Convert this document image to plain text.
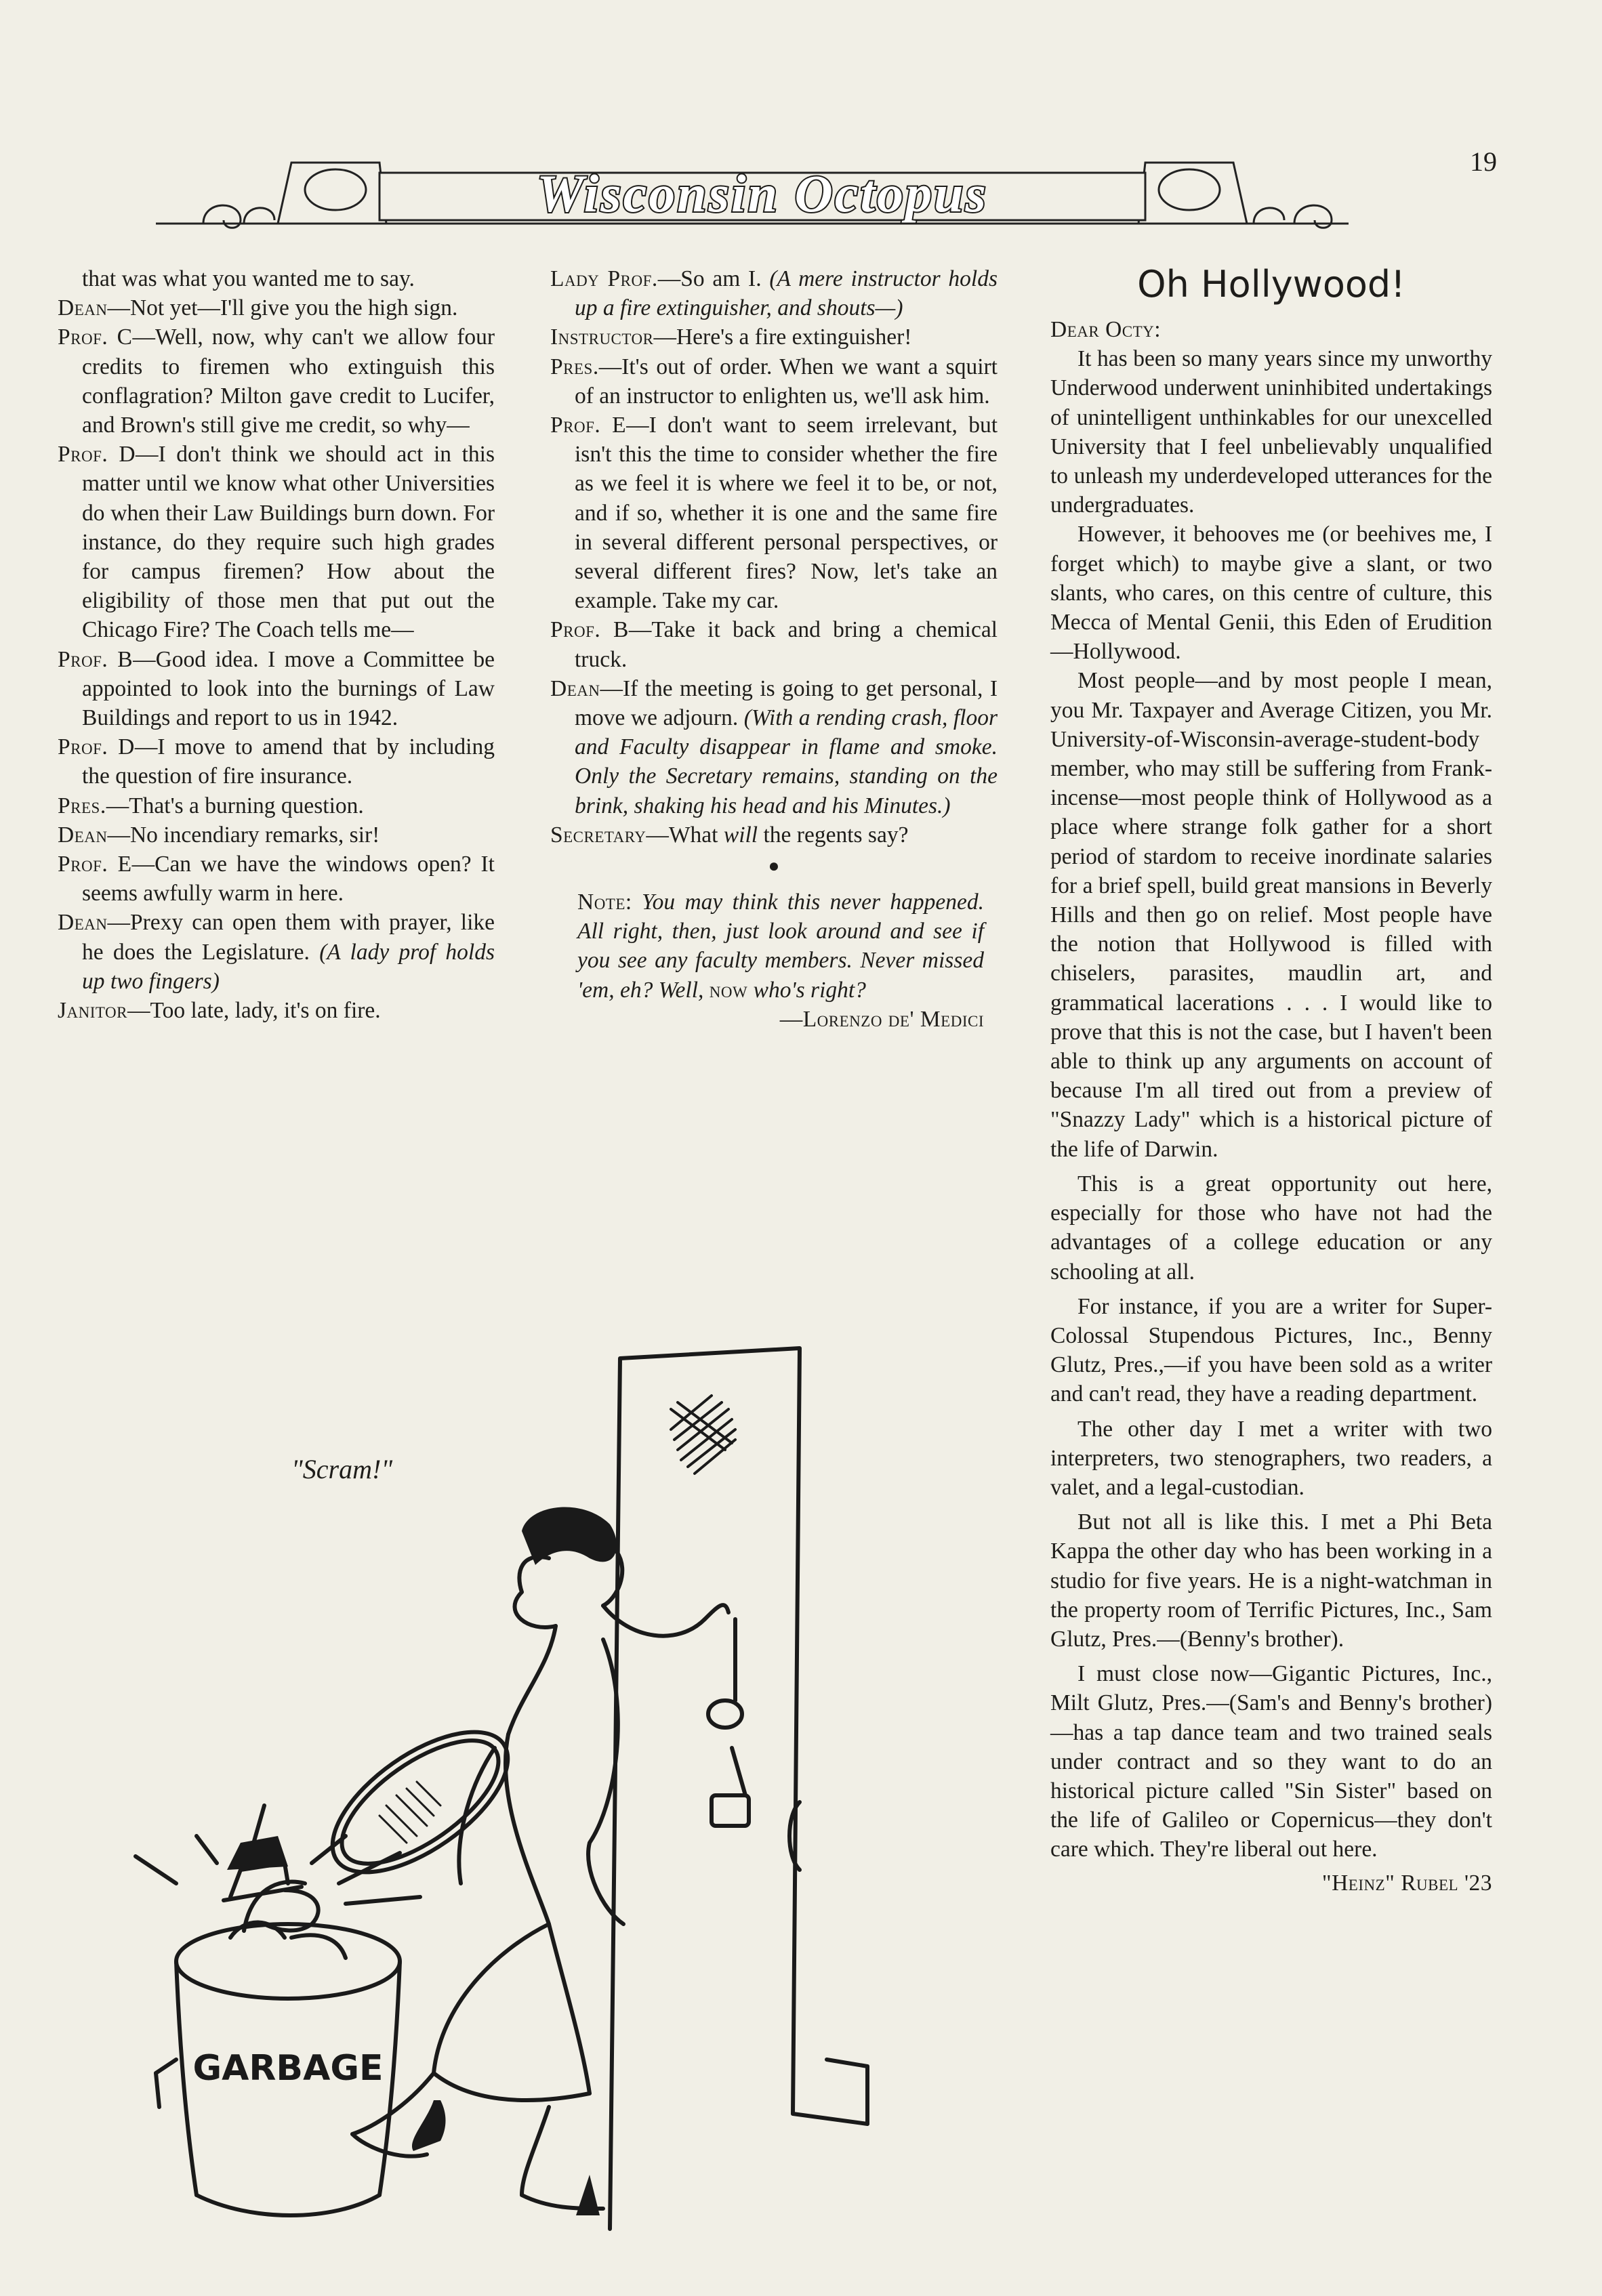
Wisconsin Octopus
19

that was what you wanted me to say.

Dean—Not yet—I'll give you the high sign.

Prof. C—Well, now, why can't we allow four credits to firemen who extinguish this conflagration? Milton gave credit to Lucifer, and Brown's still give me credit, so why—

Prof. D—I don't think we should act in this matter until we know what other Universities do when their Law Buildings burn down. For instance, do they require such high grades for campus firemen? How about the eligibility of those men that put out the Chicago Fire? The Coach tells me—

Prof. B—Good idea. I move a Committee be appointed to look into the burnings of Law Buildings and report to us in 1942.

Prof. D—I move to amend that by including the question of fire insurance.

Pres.—That's a burning question.

Dean—No incendiary remarks, sir!

Prof. E—Can we have the windows open? It seems awfully warm in here.

Dean—Prexy can open them with prayer, like he does the Legislature. (A lady prof holds up two fingers)

Janitor—Too late, lady, it's on fire.

Lady Prof.—So am I. (A mere instructor holds up a fire extinguisher, and shouts—)

Instructor—Here's a fire extinguisher!

Pres.—It's out of order. When we want a squirt of an instructor to enlighten us, we'll ask him.

Prof. E—I don't want to seem irrelevant, but isn't this the time to consider whether the fire as we feel it is where we feel it to be, or not, and if so, whether it is one and the same fire in several different personal perspectives, or several different fires? Now, let's take an example. Take my car.

Prof. B—Take it back and bring a chemical truck.

Dean—If the meeting is going to get personal, I move we adjourn. (With a rending crash, floor and Faculty disappear in flame and smoke. Only the Secretary remains, standing on the brink, shaking his head and his Minutes.)

Secretary—What will the regents say?

●

Note: You may think this never happened. All right, then, just look around and see if you see any faculty members. Never missed 'em, eh? Well, now who's right?

—Lorenzo de' Medici

Oh Hollywood!

Dear Octy:

It has been so many years since my unworthy Underwood underwent uninhibited undertakings of unintelligent unthinkables for our unexcelled University that I feel unbelievably unqualified to unleash my underdeveloped utterances for the undergraduates.

However, it behooves me (or beehives me, I forget which) to maybe give a slant, or two slants, who cares, on this centre of culture, this Mecca of Mental Genii, this Eden of Erudition—Hollywood.

Most people—and by most people I mean, you Mr. Taxpayer and Average Citizen, you Mr. University-of-Wisconsin-average-student-body member, who may still be suffering from Frank-incense—most people think of Hollywood as a place where strange folk gather for a short period of stardom to receive inordinate salaries for a brief spell, build great mansions in Beverly Hills and then go on relief. Most people have the notion that Hollywood is filled with chiselers, parasites, maudlin art, and grammatical lacerations . . . I would like to prove that this is not the case, but I haven't been able to think up any arguments on account of because I'm all tired out from a preview of "Snazzy Lady" which is a historical picture of the life of Darwin.

This is a great opportunity out here, especially for those who have not had the advantages of a college education or any schooling at all.

For instance, if you are a writer for Super-Colossal Stupendous Pictures, Inc., Benny Glutz, Pres.,—if you have been sold as a writer and can't read, they have a reading department.

The other day I met a writer with two interpreters, two stenographers, two readers, a valet, and a legal-custodian.

But not all is like this. I met a Phi Beta Kappa the other day who has been working in a studio for five years. He is a night-watchman in the property room of Terrific Pictures, Inc., Sam Glutz, Pres.—(Benny's brother).

I must close now—Gigantic Pictures, Inc., Milt Glutz, Pres.—(Sam's and Benny's brother)—has a tap dance team and two trained seals under contract and so they want to do an historical picture called "Sin Sister" based on the life of Galileo or Copernicus—they don't care which. They're liberal out here.

"Heinz" Rubel '23

"Scram!"
GARBAGE
